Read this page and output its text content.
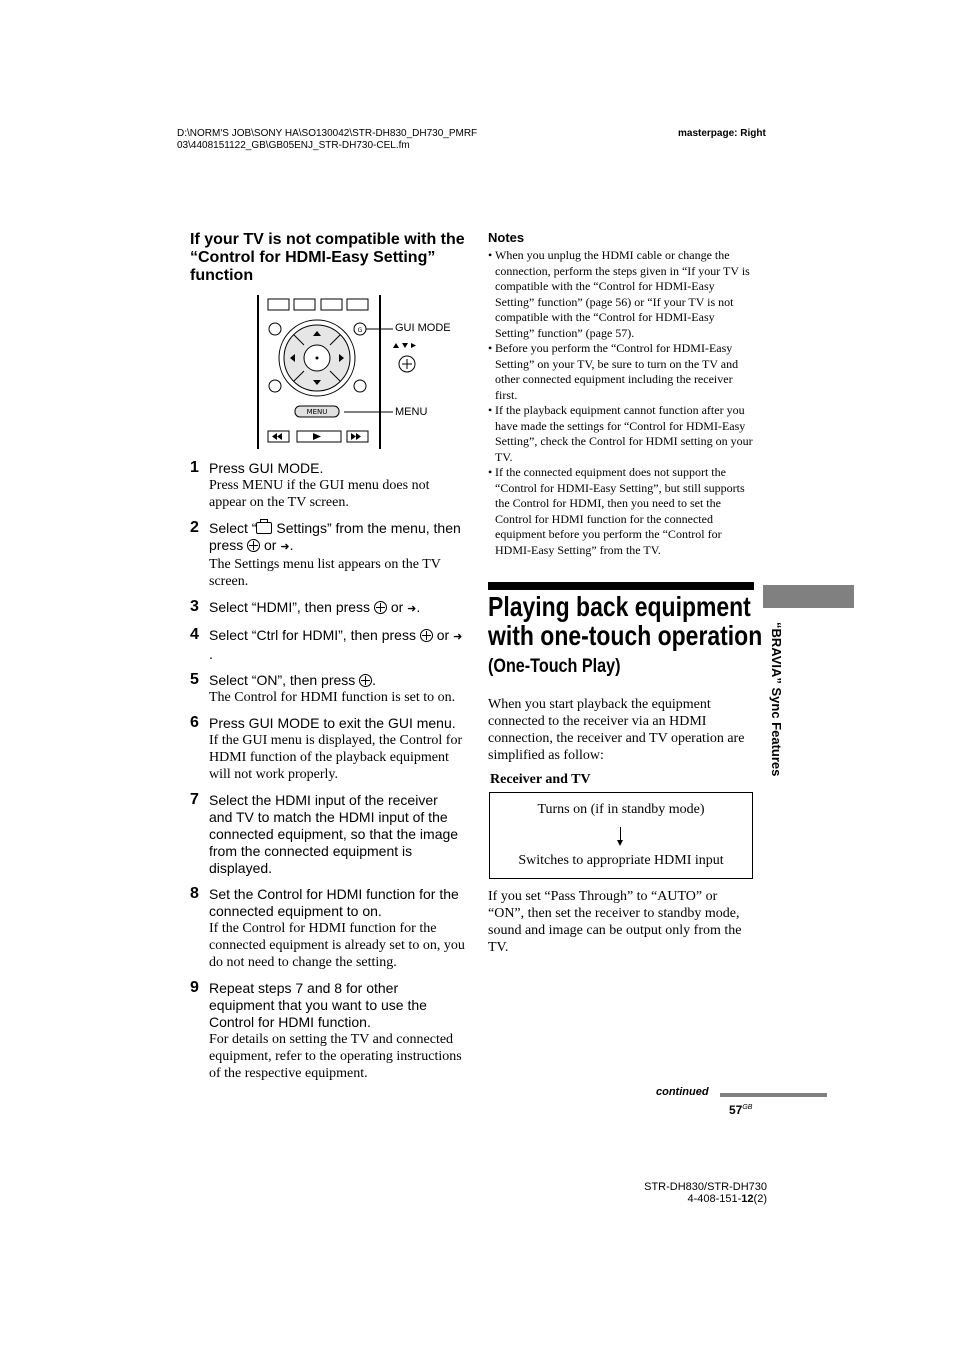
D:\NORM'S JOB\SONY HA\SO130042\STR-DH830_DH730_PMRF
03\4408151122_GB\GB05ENJ_STR-DH730-CEL.fm
masterpage: Right
If your TV is not compatible with the “Control for HDMI-Easy Setting” function
G
MENU
GUI MODE
MENU
1 Press GUI MODE.
Press MENU if the GUI menu does not appear on the TV screen.
2 Select “ Settings” from the menu, then press  or ➜.
The Settings menu list appears on the TV screen.
3 Select “HDMI”, then press  or ➜.
4 Select “Ctrl for HDMI”, then press  or ➜.
5 Select “ON”, then press .
The Control for HDMI function is set to on.
6 Press GUI MODE to exit the GUI menu.
If the GUI menu is displayed, the Control for HDMI function of the playback equipment will not work properly.
7 Select the HDMI input of the receiver and TV to match the HDMI input of the connected equipment, so that the image from the connected equipment is displayed.
8 Set the Control for HDMI function for the connected equipment to on.
If the Control for HDMI function for the connected equipment is already set to on, you do not need to change the setting.
9 Repeat steps 7 and 8 for other equipment that you want to use the Control for HDMI function.
For details on setting the TV and connected equipment, refer to the operating instructions of the respective equipment.
Notes
• When you unplug the HDMI cable or change the connection, perform the steps given in “If your TV is compatible with the “Control for HDMI-Easy Setting” function” (page 56) or “If your TV is not compatible with the “Control for HDMI-Easy Setting” function” (page 57).
• Before you perform the “Control for HDMI-Easy Setting” on your TV, be sure to turn on the TV and other connected equipment including the receiver first.
• If the playback equipment cannot function after you have made the settings for “Control for HDMI-Easy Setting”, check the Control for HDMI setting on your TV.
• If the connected equipment does not support the “Control for HDMI-Easy Setting”, but still supports the Control for HDMI, then you need to set the Control for HDMI function for the connected equipment before you perform the “Control for HDMI-Easy Setting” from the TV.
Playing back equipment
with one-touch operation
(One-Touch Play)
When you start playback the equipment connected to the receiver via an HDMI connection, the receiver and TV operation are simplified as follow:
Receiver and TV
Turns on (if in standby mode)
Switches to appropriate HDMI input
If you set “Pass Through” to “AUTO” or “ON”, then set the receiver to standby mode, sound and image can be output only from the TV.
“BRAVIA” Sync Features
continued
$57^{GB}$
STR-DH830/STR-DH730
4-408-151-12(2)
